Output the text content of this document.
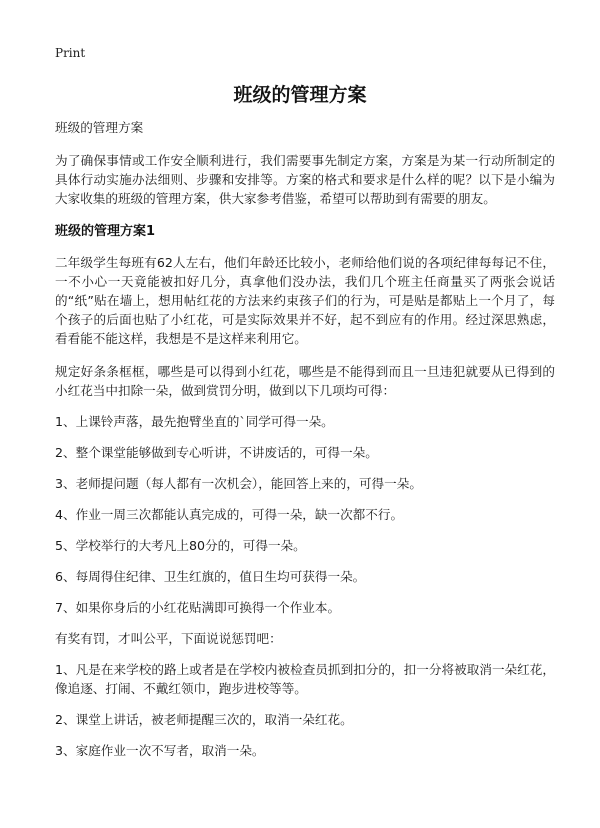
Print
班级的管理方案

班级的管理方案

为了确保事情或工作安全顺利进行，我们需要事先制定方案，方案是为某一行动所制定的具体行动实施办法细则、步骤和安排等。方案的格式和要求是什么样的呢？以下是小编为大家收集的班级的管理方案，供大家参考借鉴，希望可以帮助到有需要的朋友。

班级的管理方案1

二年级学生每班有62人左右，他们年龄还比较小，老师给他们说的各项纪律每每记不住，一不小心一天竟能被扣好几分，真拿他们没办法，我们几个班主任商量买了两张会说话的“纸”贴在墙上，想用帖红花的方法来约束孩子们的行为，可是贴是都贴上一个月了，每个孩子的后面也贴了小红花，可是实际效果并不好，起不到应有的作用。经过深思熟虑，看看能不能这样，我想是不是这样来利用它。

规定好条条框框，哪些是可以得到小红花，哪些是不能得到而且一旦违犯就要从已得到的小红花当中扣除一朵，做到赏罚分明，做到以下几项均可得：

1、上课铃声落，最先抱臂坐直的`同学可得一朵。

2、整个课堂能够做到专心听讲，不讲废话的，可得一朵。

3、老师提问题（每人都有一次机会），能回答上来的，可得一朵。

4、作业一周三次都能认真完成的，可得一朵，缺一次都不行。

5、学校举行的大考凡上80分的，可得一朵。

6、每周得住纪律、卫生红旗的，值日生均可获得一朵。

7、如果你身后的小红花贴满即可换得一个作业本。

有奖有罚，才叫公平，下面说说惩罚吧：

1、凡是在来学校的路上或者是在学校内被检查员抓到扣分的，扣一分将被取消一朵红花，像追逐、打闹、不戴红领巾，跑步进校等等。

2、课堂上讲话，被老师提醒三次的，取消一朵红花。

3、家庭作业一次不写者，取消一朵。
